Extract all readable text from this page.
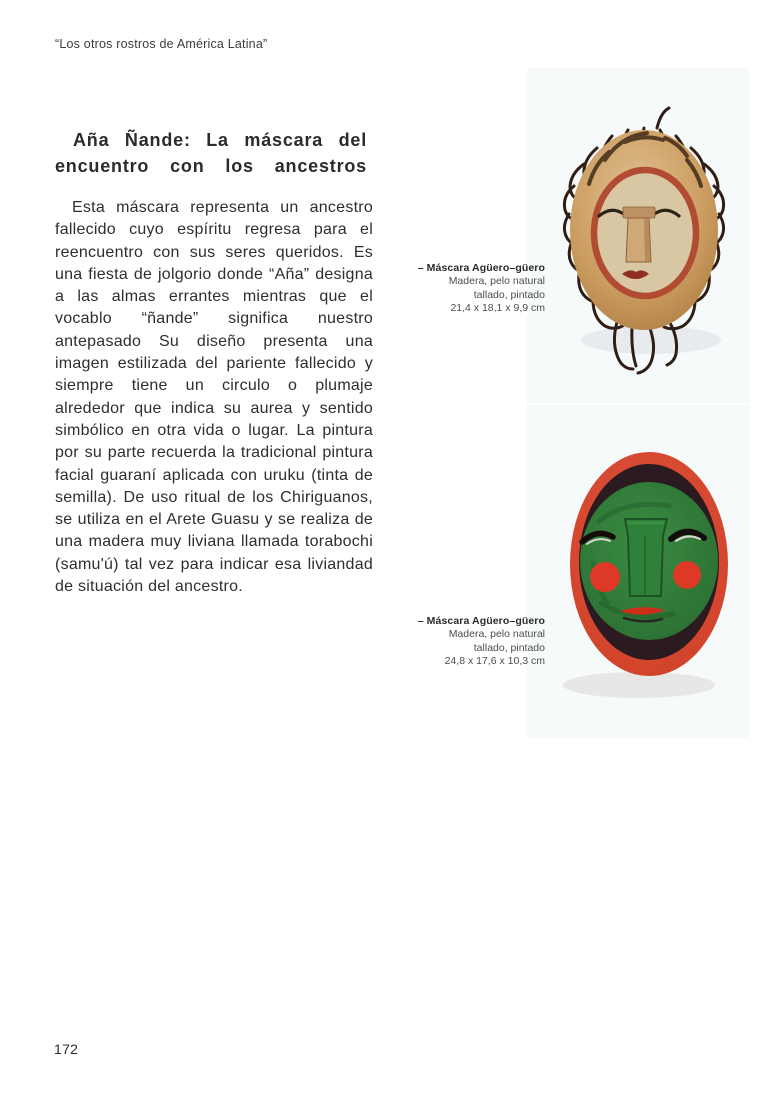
“Los otros rostros de América Latina”
Aña Ñande: La máscara del encuentro con los ancestros

Esta máscara representa un ancestro fallecido cuyo espíritu regresa para el reencuentro con sus seres queridos. Es una fiesta de jolgorio donde “Aña” designa a las almas errantes mientras que el vocablo “ñande” significa nuestro antepasado Su diseño presenta una imagen estilizada del pariente fallecido y siempre tiene un circulo o plumaje alrededor que indica su aurea y sentido simbólico en otra vida o lugar. La pintura por su parte recuerda la tradicional pintura facial guaraní aplicada con uruku (tinta de semilla). De uso ritual de los Chiriguanos, se utiliza en el Arete Guasu y se realiza de una madera muy liviana llamada torabochi (samu'ú) tal vez para indicar esa liviandad de situación del ancestro.

– Máscara Agüero–güero
Madera, pelo natural
tallado, pintado
21,4 x 18,1 x 9,9 cm
– Máscara Agüero–güero
Madera, pelo natural
tallado, pintado
24,8 x 17,6 x 10,3 cm
172
